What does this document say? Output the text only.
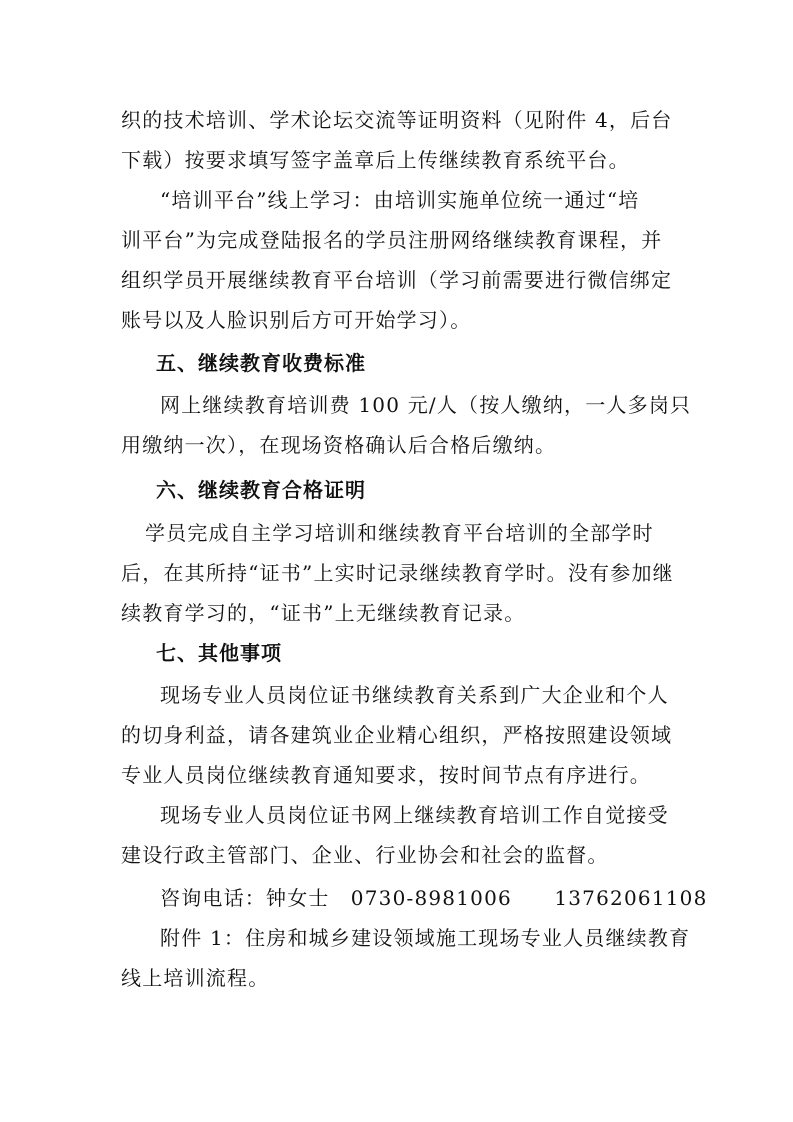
织的技术培训、学术论坛交流等证明资料（见附件 4，后台
下载）按要求填写签字盖章后上传继续教育系统平台。
“培训平台”线上学习：由培训实施单位统一通过“培
训平台”为完成登陆报名的学员注册网络继续教育课程，并
组织学员开展继续教育平台培训（学习前需要进行微信绑定
账号以及人脸识别后方可开始学习）。
五、继续教育收费标准
网上继续教育培训费 100 元/人（按人缴纳，一人多岗只
用缴纳一次），在现场资格确认后合格后缴纳。
六、继续教育合格证明
学员完成自主学习培训和继续教育平台培训的全部学时
后，在其所持“证书”上实时记录继续教育学时。没有参加继
续教育学习的，“证书”上无继续教育记录。
七、其他事项
现场专业人员岗位证书继续教育关系到广大企业和个人
的切身利益，请各建筑业企业精心组织，严格按照建设领域
专业人员岗位继续教育通知要求，按时间节点有序进行。
现场专业人员岗位证书网上继续教育培训工作自觉接受
建设行政主管部门、企业、行业协会和社会的监督。
咨询电话：钟女士　0730-8981006　　13762061108
附件 1：住房和城乡建设领域施工现场专业人员继续教育
线上培训流程。
